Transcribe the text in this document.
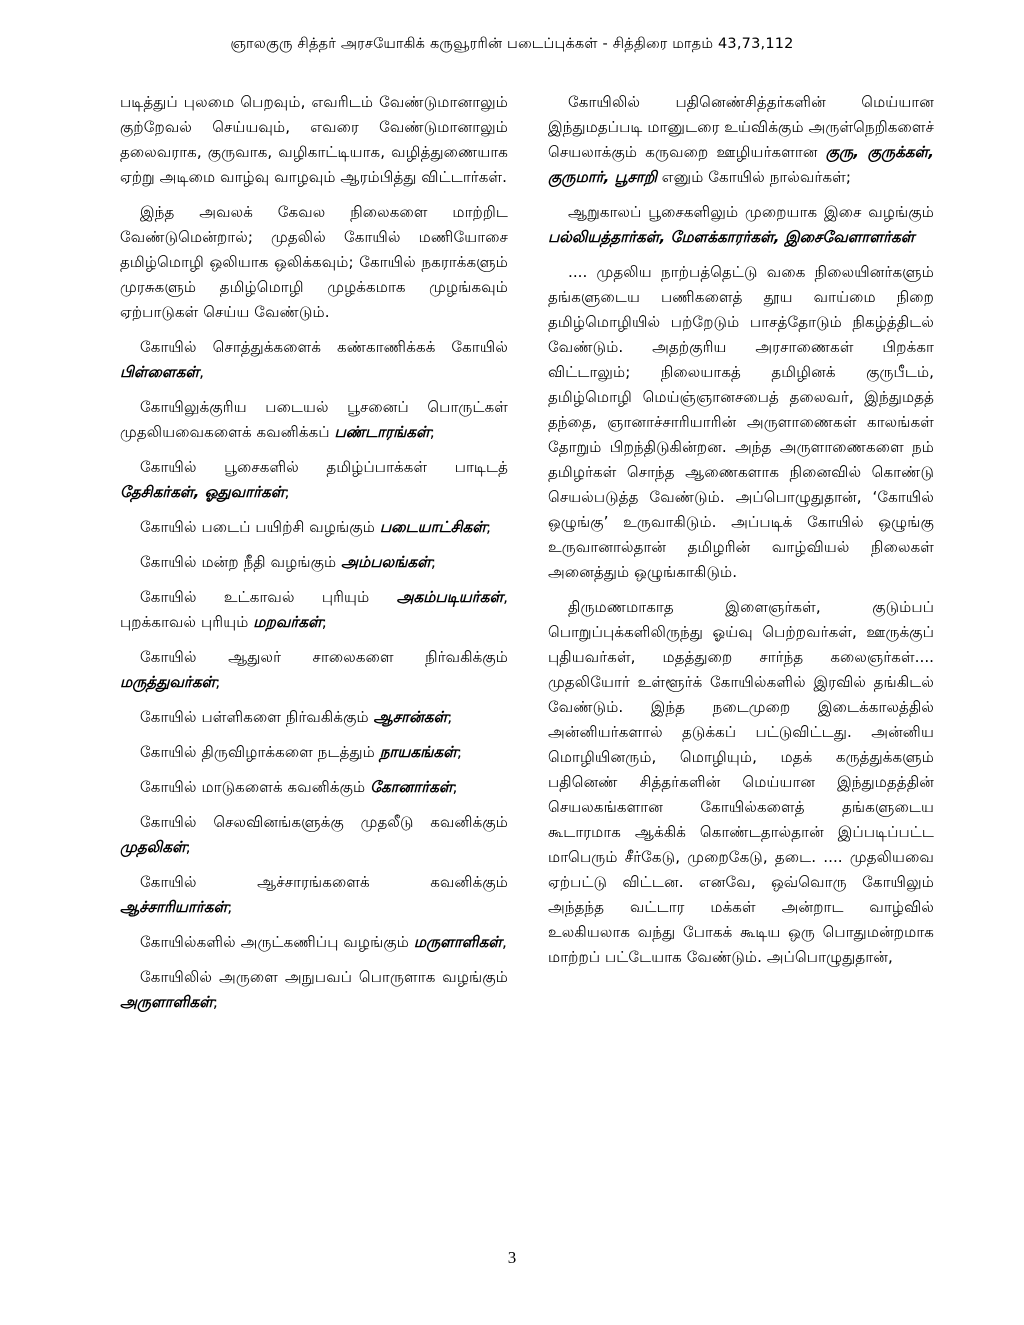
ஞாலகுரு சித்தர் அரசயோகிக் கருவூரரின் படைப்புக்கள் - சித்திரை மாதம் 43,73,112

படித்துப் புலமை பெறவும், எவரிடம் வேண்டுமானாலும் குற்றேவல் செய்யவும், எவரை வேண்டுமானாலும் தலைவராக, குருவாக, வழிகாட்டியாக, வழித்துணையாக ஏற்று அடிமை வாழ்வு வாழவும் ஆரம்பித்து விட்டார்கள்.

இந்த அவலக் கேவல நிலைகளை மாற்றிட வேண்டுமென்றால்; முதலில் கோயில் மணியோசை தமிழ்மொழி ஒலியாக ஒலிக்கவும்; கோயில் நகராக்களும் முரசுகளும் தமிழ்மொழி முழக்கமாக முழங்கவும் ஏற்பாடுகள் செய்ய வேண்டும்.

கோயில் சொத்துக்களைக் கண்காணிக்கக் கோயில் பிள்ளைகள்,

கோயிலுக்குரிய படையல் பூசனைப் பொருட்கள் முதலியவைகளைக் கவனிக்கப் பண்டாரங்கள்;

கோயில் பூசைகளில் தமிழ்ப்பாக்கள் பாடிடத் தேசிகர்கள், ஓதுவார்கள்;

கோயில் படைப் பயிற்சி வழங்கும் படையாட்சிகள்;

கோயில் மன்ற நீதி வழங்கும் அம்பலங்கள்;

கோயில் உட்காவல் புரியும் அகம்படியர்கள், புறக்காவல் புரியும் மறவர்கள்;

கோயில் ஆதுலர் சாலைகளை நிர்வகிக்கும் மருத்துவர்கள்;

கோயில் பள்ளிகளை நிர்வகிக்கும் ஆசான்கள்;

கோயில் திருவிழாக்களை நடத்தும் நாயகங்கள்;

கோயில் மாடுகளைக் கவனிக்கும் கோனார்கள்;

கோயில் செலவினங்களுக்கு முதலீடு கவனிக்கும் முதலிகள்;

கோயில் ஆச்சாரங்களைக் கவனிக்கும் ஆச்சாரியார்கள்;

கோயில்களில் அருட்கணிப்பு வழங்கும் மருளாளிகள்,

கோயிலில் அருளை அநுபவப் பொருளாக வழங்கும் அருளாளிகள்;

கோயிலில் பதினெண்சித்தர்களின் மெய்யான இந்துமதப்படி மானுடரை உய்விக்கும் அருள்நெறிகளைச் செயலாக்கும் கருவறை ஊழியர்களான குரு, குருக்கள், குருமார், பூசாறி எனும் கோயில் நால்வர்கள்;

ஆறுகாலப் பூசைகளிலும் முறையாக இசை வழங்கும் பல்லியத்தார்கள், மேளக்காரர்கள், இசைவேளாளர்கள்

.... முதலிய நாற்பத்தெட்டு வகை நிலையினர்களும் தங்களுடைய பணிகளைத் தூய வாய்மை நிறை தமிழ்மொழியில் பற்றேடும் பாசத்தோடும் நிகழ்த்திடல் வேண்டும். அதற்குரிய அரசாணைகள் பிறக்கா விட்டாலும்; நிலையாகத் தமிழினக் குருபீடம், தமிழ்மொழி மெய்ஞ்ஞானசபைத் தலைவர், இந்துமதத் தந்தை, ஞானாச்சாரியாரின் அருளாணைகள் காலங்கள் தோறும் பிறந்திடுகின்றன. அந்த அருளாணைகளை நம் தமிழர்கள் சொந்த ஆணைகளாக நினைவில் கொண்டு செயல்படுத்த வேண்டும். அப்பொழுதுதான், ‘கோயில் ஒழுங்கு’ உருவாகிடும். அப்படிக் கோயில் ஒழுங்கு உருவானால்தான் தமிழரின் வாழ்வியல் நிலைகள் அனைத்தும் ஒழுங்காகிடும்.

திருமணமாகாத இளைஞர்கள், குடும்பப் பொறுப்புக்களிலிருந்து ஓய்வு பெற்றவர்கள், ஊருக்குப் புதியவர்கள், மதத்துறை சார்ந்த கலைஞர்கள்.... முதலியோர் உள்ளூர்க் கோயில்களில் இரவில் தங்கிடல் வேண்டும். இந்த நடைமுறை இடைக்காலத்தில் அன்னியர்களால் தடுக்கப் பட்டுவிட்டது. அன்னிய மொழியினரும், மொழியும், மதக் கருத்துக்களும் பதினெண் சித்தர்களின் மெய்யான இந்துமதத்தின் செயலகங்களான கோயில்களைத் தங்களுடைய கூடாரமாக ஆக்கிக் கொண்டதால்தான் இப்படிப்பட்ட மாபெரும் சீர்கேடு, முறைகேடு, தடை. .... முதலியவை ஏற்பட்டு விட்டன. எனவே, ஒவ்வொரு கோயிலும் அந்தந்த வட்டார மக்கள் அன்றாட வாழ்வில் உலகியலாக வந்து போகக் கூடிய ஒரு பொதுமன்றமாக மாற்றப் பட்டேயாக வேண்டும். அப்பொழுதுதான்,

3
